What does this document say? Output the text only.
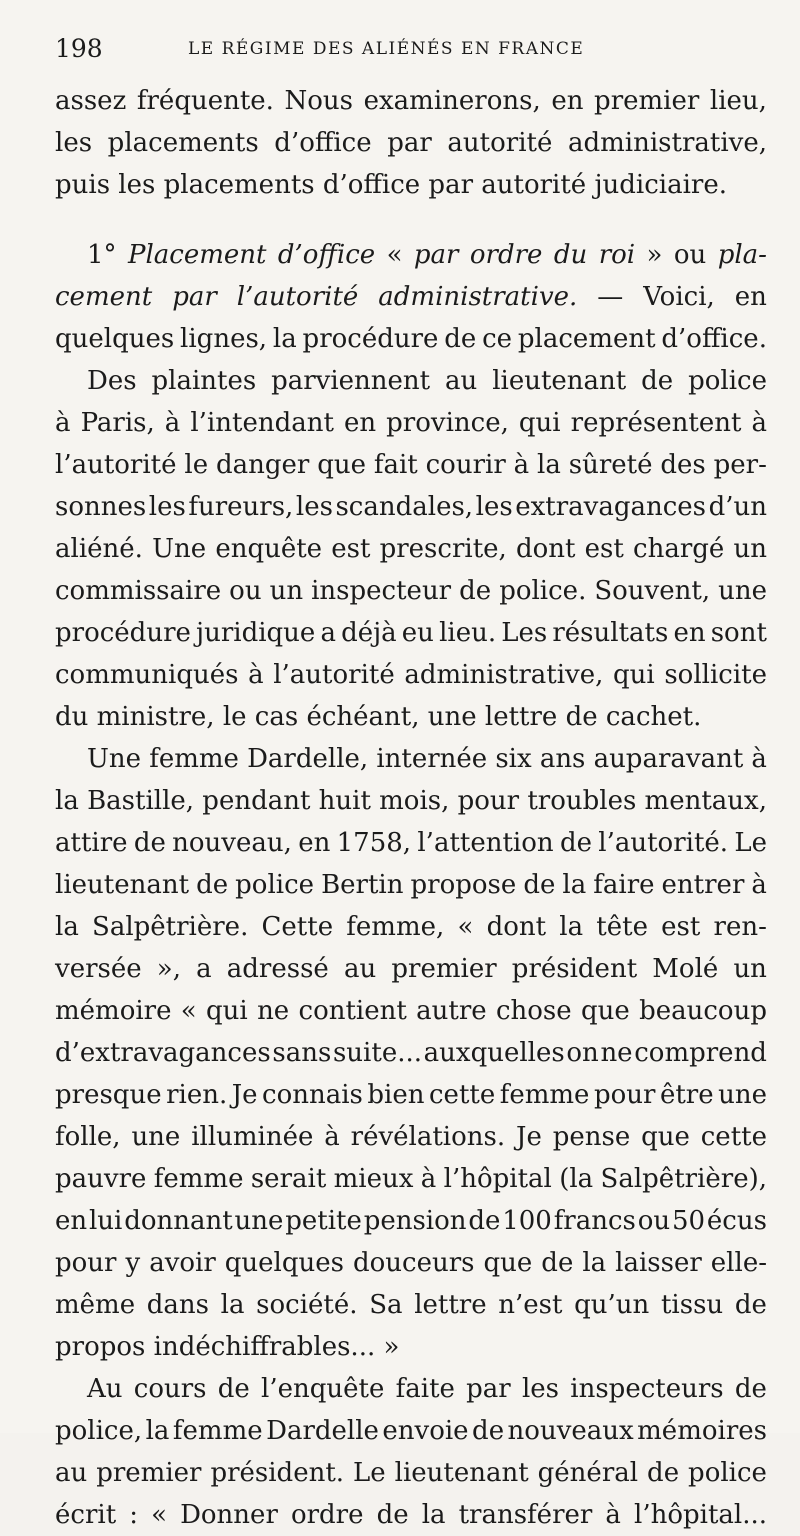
198	LE RÉGIME DES ALIÉNÉS EN FRANCE
assez fréquente. Nous examinerons, en premier lieu,
les placements d’office par autorité administrative,
puis les placements d’office par autorité judiciaire.
1° Placement d’office « par ordre du roi » ou pla-
cement par l’autorité administrative. — Voici, en
quelques lignes, la procédure de ce placement d’office.
Des plaintes parviennent au lieutenant de police
à Paris, à l’intendant en province, qui représentent à
l’autorité le danger que fait courir à la sûreté des per-
sonnes les fureurs, les scandales, les extravagances d’un
aliéné. Une enquête est prescrite, dont est chargé un
commissaire ou un inspecteur de police. Souvent, une
procédure juridique a déjà eu lieu. Les résultats en sont
communiqués à l’autorité administrative, qui sollicite
du ministre, le cas échéant, une lettre de cachet.
Une femme Dardelle, internée six ans auparavant à
la Bastille, pendant huit mois, pour troubles mentaux,
attire de nouveau, en 1758, l’attention de l’autorité. Le
lieutenant de police Bertin propose de la faire entrer à
la Salpêtrière. Cette femme, « dont la tête est ren-
versée », a adressé au premier président Molé un
mémoire « qui ne contient autre chose que beaucoup
d’extravagances sans suite... auxquelles on ne comprend
presque rien. Je connais bien cette femme pour être une
folle, une illuminée à révélations. Je pense que cette
pauvre femme serait mieux à l’hôpital (la Salpêtrière),
en lui donnant une petite pension de 100 francs ou 50 écus
pour y avoir quelques douceurs que de la laisser elle-
même dans la société. Sa lettre n’est qu’un tissu de
propos indéchiffrables... »
Au cours de l’enquête faite par les inspecteurs de
police, la femme Dardelle envoie de nouveaux mémoires
au premier président. Le lieutenant général de police
écrit : « Donner ordre de la transférer à l’hôpital...
